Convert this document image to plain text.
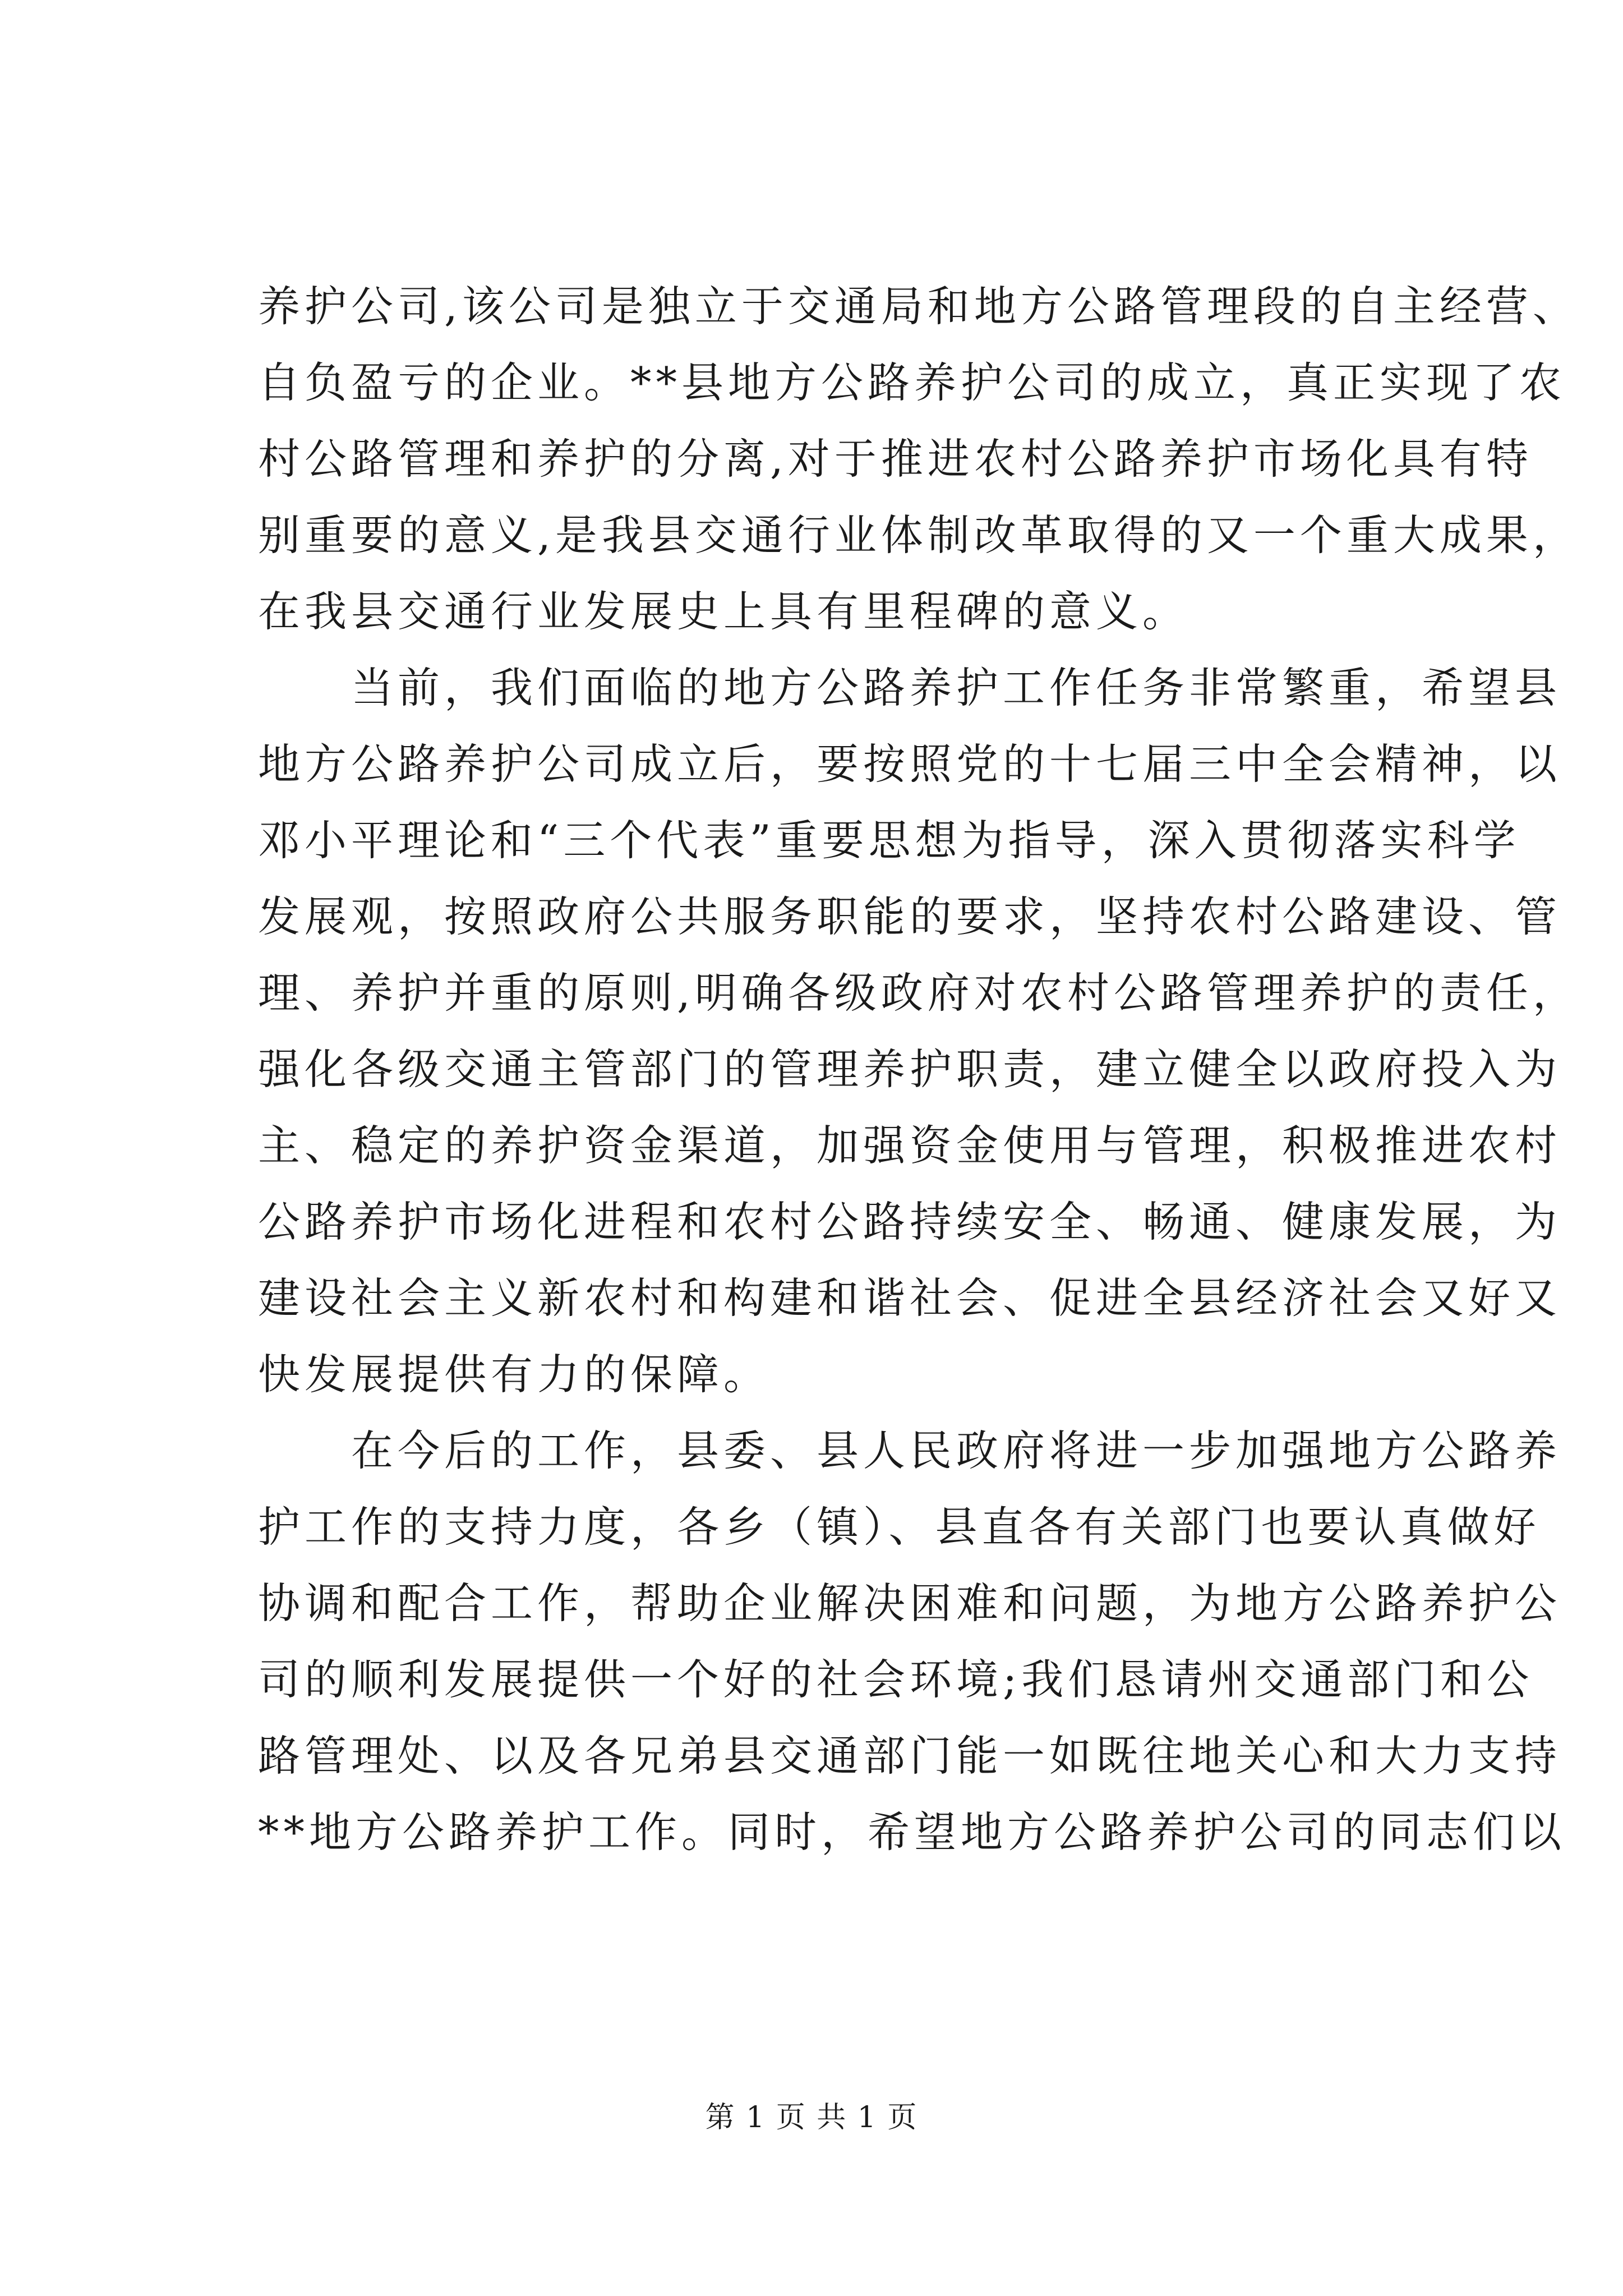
养护公司,该公司是独立于交通局和地方公路管理段的自主经营、
自负盈亏的企业。**县地方公路养护公司的成立，真正实现了农
村公路管理和养护的分离,对于推进农村公路养护市场化具有特
别重要的意义,是我县交通行业体制改革取得的又一个重大成果，
在我县交通行业发展史上具有里程碑的意义。
　　当前，我们面临的地方公路养护工作任务非常繁重，希望县
地方公路养护公司成立后，要按照党的十七届三中全会精神，以
邓小平理论和“三个代表”重要思想为指导，深入贯彻落实科学
发展观，按照政府公共服务职能的要求，坚持农村公路建设、管
理、养护并重的原则,明确各级政府对农村公路管理养护的责任，
强化各级交通主管部门的管理养护职责，建立健全以政府投入为
主、稳定的养护资金渠道，加强资金使用与管理，积极推进农村
公路养护市场化进程和农村公路持续安全、畅通、健康发展，为
建设社会主义新农村和构建和谐社会、促进全县经济社会又好又
快发展提供有力的保障。
　　在今后的工作，县委、县人民政府将进一步加强地方公路养
护工作的支持力度，各乡（镇）、县直各有关部门也要认真做好
协调和配合工作，帮助企业解决困难和问题，为地方公路养护公
司的顺利发展提供一个好的社会环境;我们恳请州交通部门和公
路管理处、以及各兄弟县交通部门能一如既往地关心和大力支持
**地方公路养护工作。同时，希望地方公路养护公司的同志们以
第 1 页 共 1 页
